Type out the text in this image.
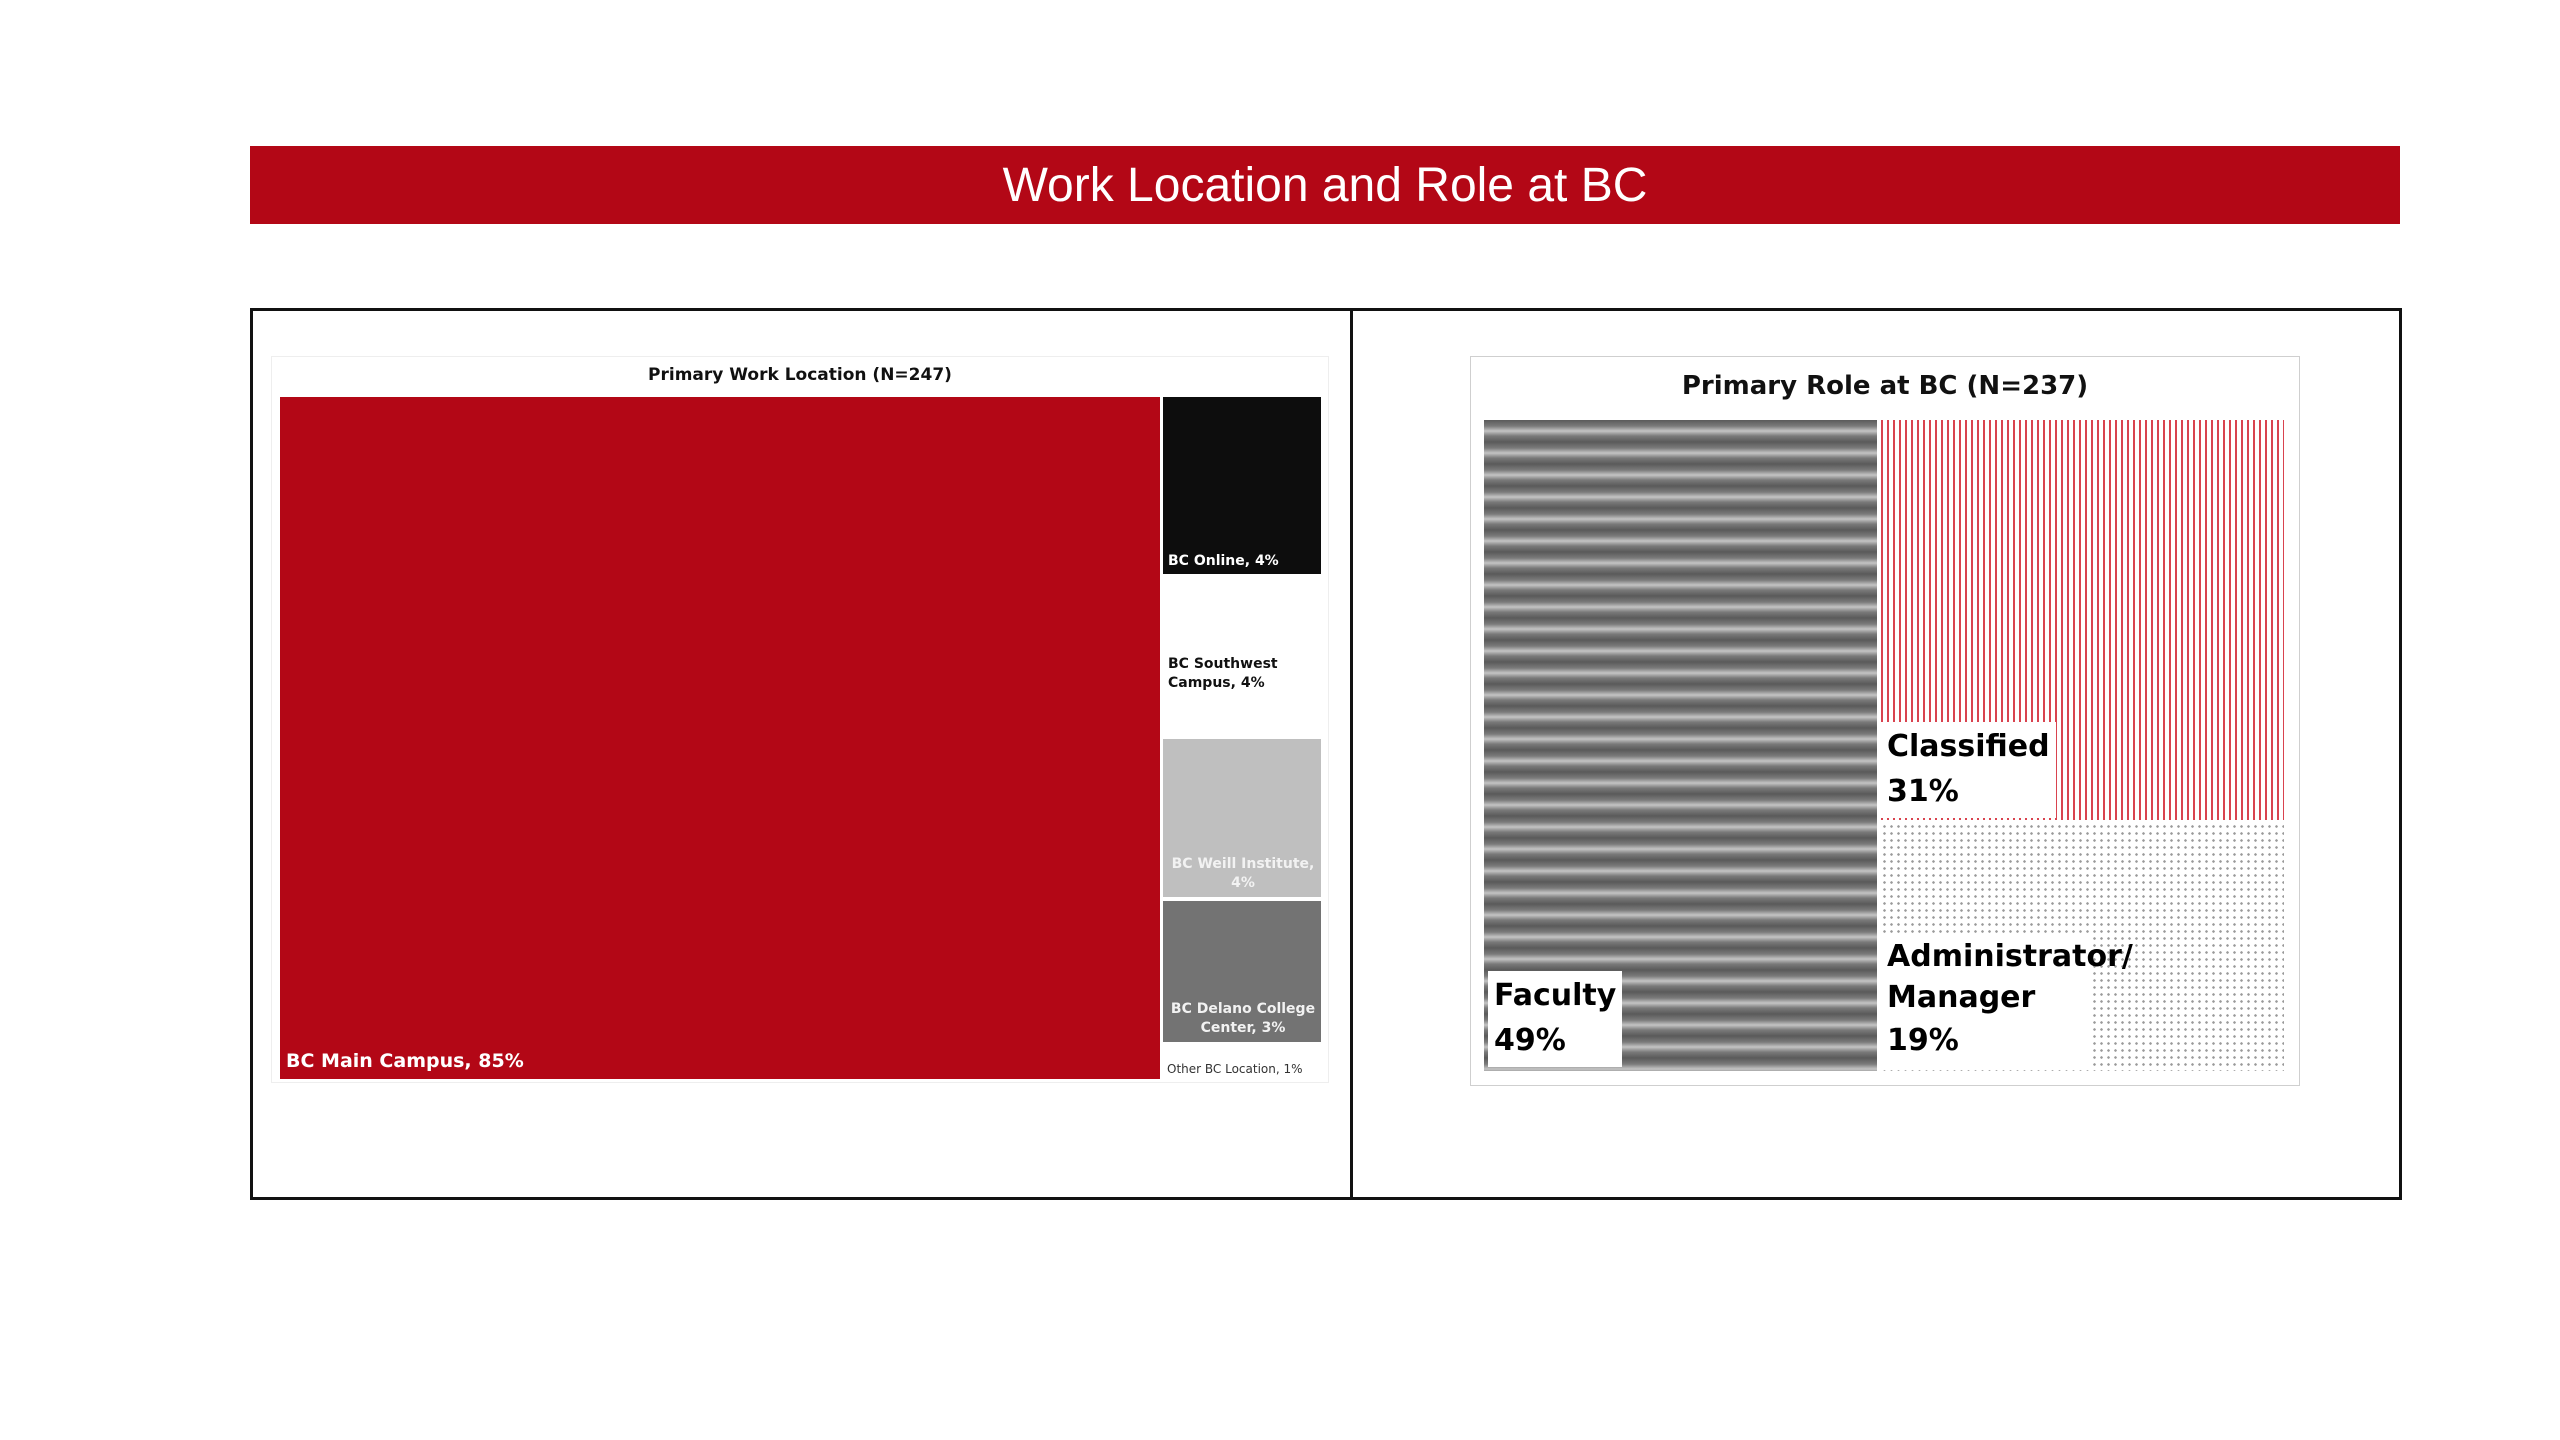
Work Location and Role at BC
Primary Work Location (N=247)
BC Main Campus, 85%
BC Online, 4%
BC Southwest Campus, 4%
BC Weill Institute, 4%
BC Delano College Center, 3%
Other BC Location, 1%
Primary Role at BC (N=237)
Faculty
49%
Classified
31%
Administrator/ Manager
19%
